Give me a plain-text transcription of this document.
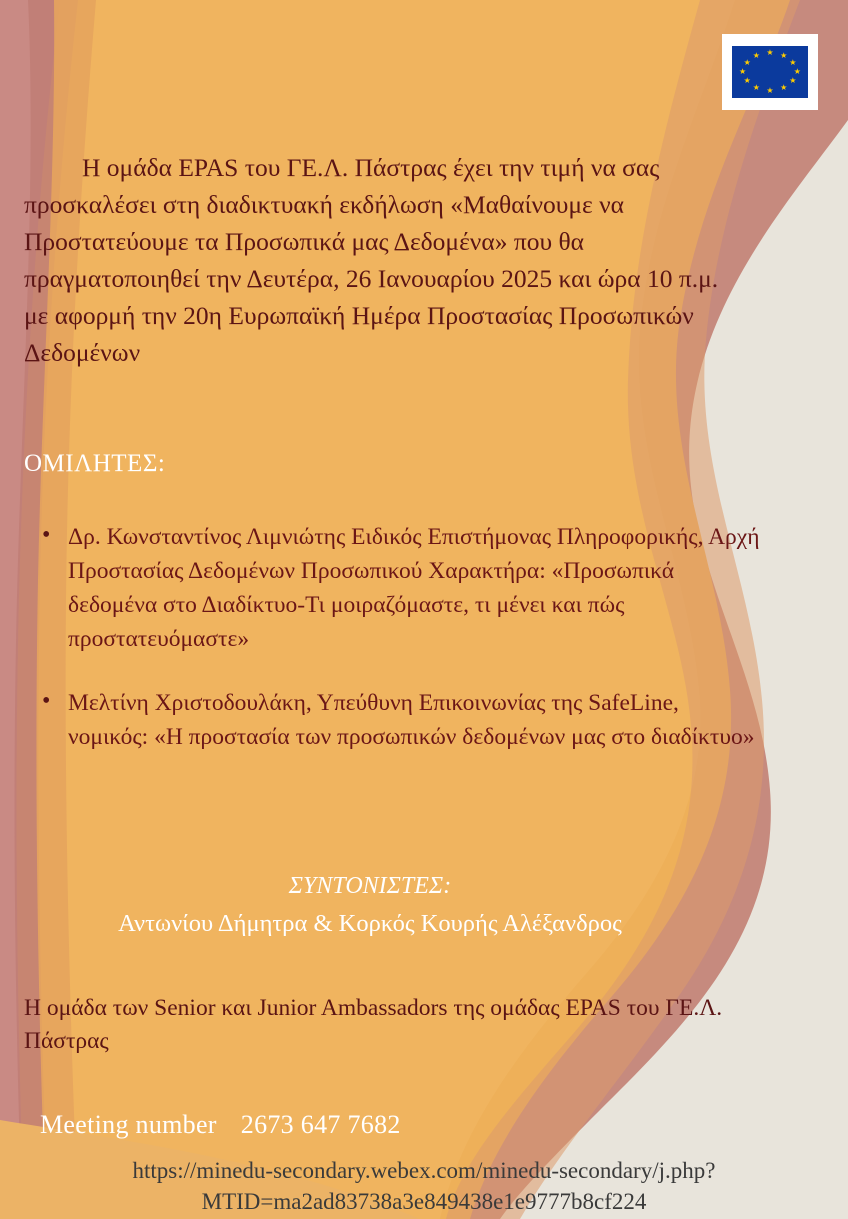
★ ★
★
★
★
★
★
★
★
★
★
★
Η ομάδα EPAS του ΓΕ.Λ. Πάστρας έχει την τιμή να σας προσκαλέσει στη διαδικτυακή εκδήλωση «Μαθαίνουμε να Προστατεύουμε τα Προσωπικά μας Δεδομένα» που θα πραγματοποιηθεί την Δευτέρα, 26 Ιανουαρίου 2025 και ώρα 10 π.μ. με αφορμή την 20η Ευρωπαϊκή Ημέρα Προστασίας Προσωπικών Δεδομένων
ΟΜΙΛΗΤΕΣ:
• Δρ. Κωνσταντίνος Λιμνιώτης Ειδικός Επιστήμονας Πληροφορικής, Αρχή Προστασίας Δεδομένων Προσωπικού Χαρακτήρα: «Προσωπικά δεδομένα στο Διαδίκτυο-Τι μοιραζόμαστε, τι μένει και πώς προστατευόμαστε»
• Μελτίνη Χριστοδουλάκη, Υπεύθυνη Επικοινωνίας της SafeLine, νομικός: «Η προστασία των προσωπικών δεδομένων μας στο διαδίκτυο»
ΣΥΝΤΟΝΙΣΤΕΣ:
Αντωνίου Δήμητρα & Κορκός Κουρής Αλέξανδρος
Η ομάδα των Senior και Junior Ambassadors της ομάδας EPAS του ΓΕ.Λ. Πάστρας
Meeting number 2673 647 7682
https://minedu-secondary.webex.com/minedu-secondary/j.php?MTID=ma2ad83738a3e849438e1e9777b8cf224
